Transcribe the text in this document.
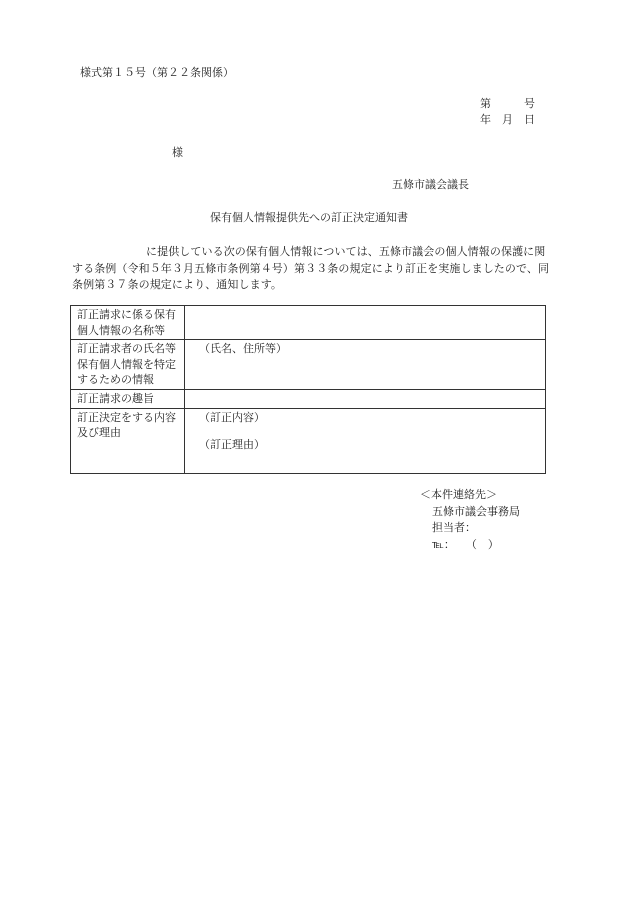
様式第１５号（第２２条関係）
第　　　号
年　月　日
様
五條市議会議長
保有個人情報提供先への訂正決定通知書
に提供している次の保有個人情報については、五條市議会の個人情報の保護に関する条例（令和５年３月五條市条例第４号）第３３条の規定により訂正を実施しましたので、同条例第３７条の規定により、通知します。
訂正請求に係る保有個人情報の名称等	
訂正請求者の氏名等保有個人情報を特定するための情報	（氏名、住所等）
訂正請求の趣旨	
訂正決定をする内容及び理由	（訂正内容）
（訂正理由）
＜本件連絡先＞
五條市議会事務局
担当者：
℡：　　（　）
